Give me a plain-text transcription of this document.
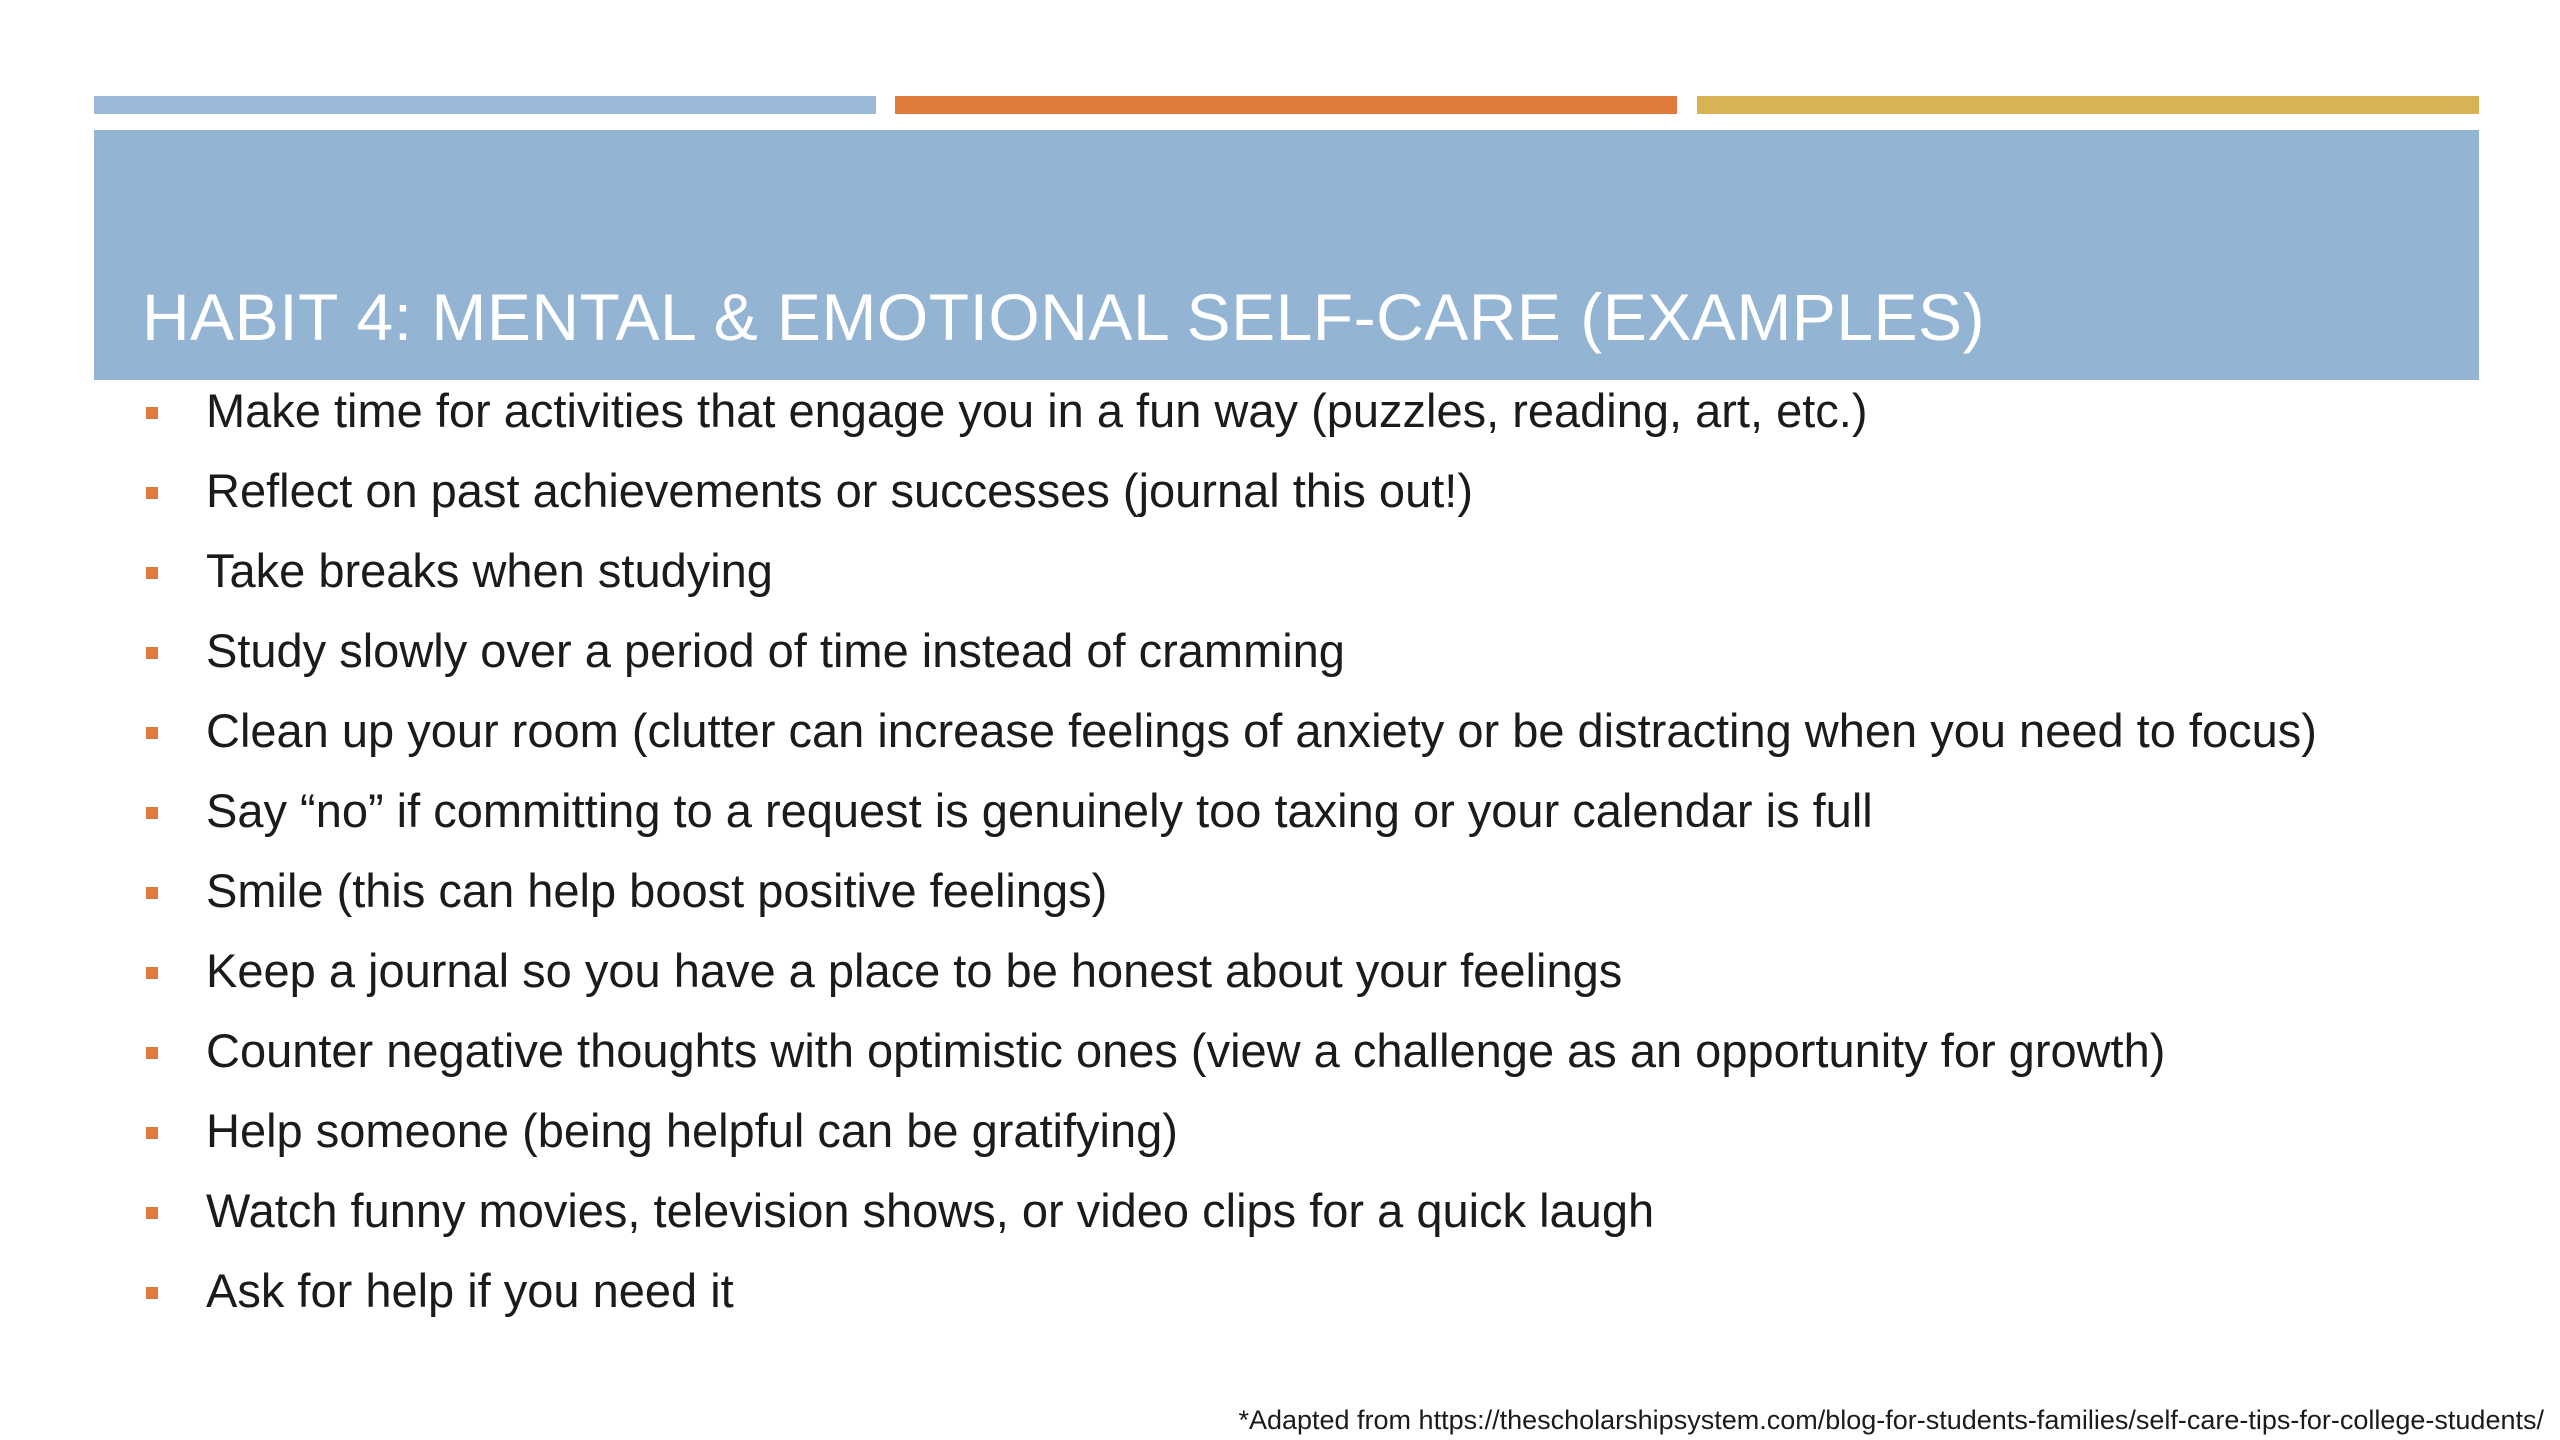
HABIT 4: MENTAL & EMOTIONAL SELF-CARE (EXAMPLES)
Make time for activities that engage you in a fun way (puzzles, reading, art, etc.)
Reflect on past achievements or successes (journal this out!)
Take breaks when studying
Study slowly over a period of time instead of cramming
Clean up your room (clutter can increase feelings of anxiety or be distracting when you need to focus)
Say “no” if committing to a request is genuinely too taxing or your calendar is full
Smile (this can help boost positive feelings)
Keep a journal so you have a place to be honest about your feelings
Counter negative thoughts with optimistic ones (view a challenge as an opportunity for growth)
Help someone (being helpful can be gratifying)
Watch funny movies, television shows, or video clips for a quick laugh
Ask for help if you need it
*Adapted from https://thescholarshipsystem.com/blog-for-students-families/self-care-tips-for-college-students/
